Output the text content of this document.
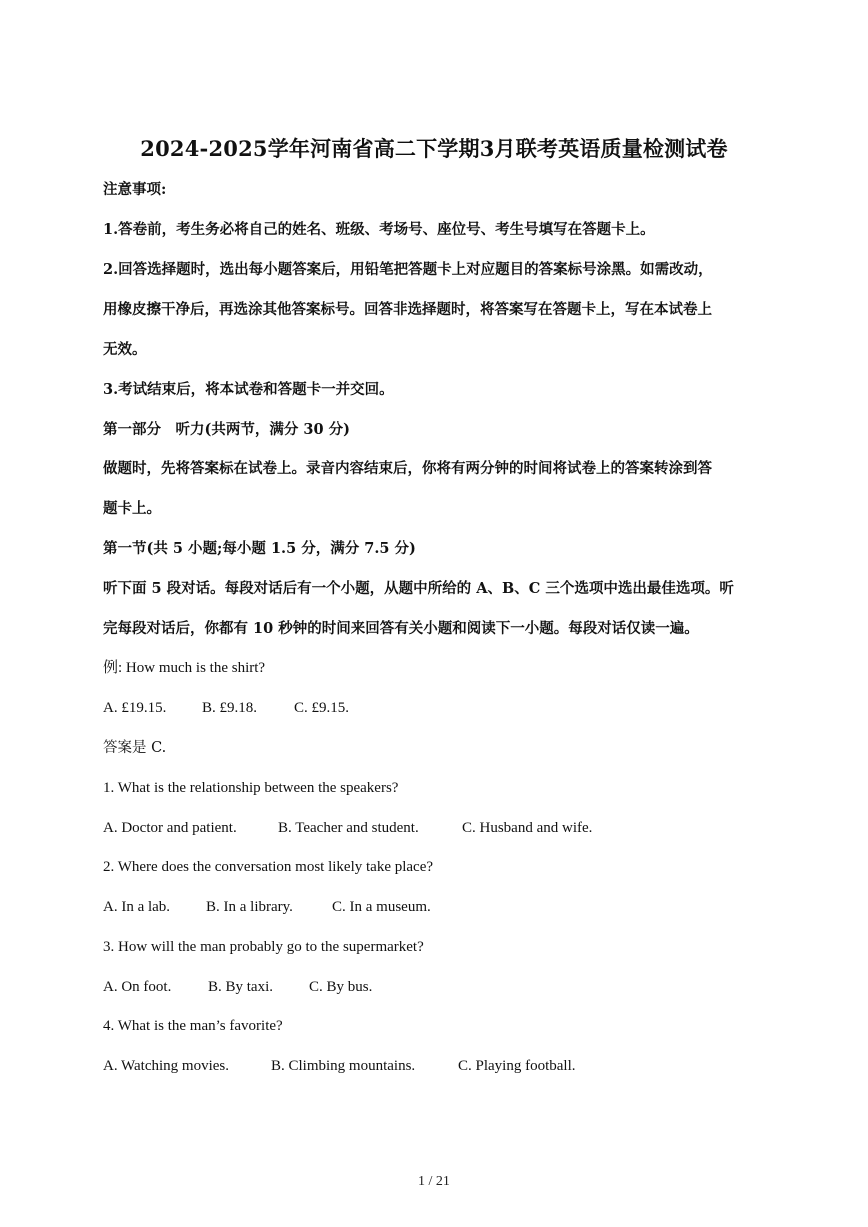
2024-2025学年河南省高二下学期3月联考英语质量检测试卷
注意事项:
1.答卷前，考生务必将自己的姓名、班级、考场号、座位号、考生号填写在答题卡上。
2.回答选择题时，选出每小题答案后，用铅笔把答题卡上对应题目的答案标号涂黑。如需改动，
用橡皮擦干净后，再选涂其他答案标号。回答非选择题时，将答案写在答题卡上，写在本试卷上
无效。
3.考试结束后，将本试卷和答题卡一并交回。
第一部分　听力(共两节，满分 30 分)
做题时，先将答案标在试卷上。录音内容结束后，你将有两分钟的时间将试卷上的答案转涂到答
题卡上。
第一节(共 5 小题;每小题 1.5 分，满分 7.5 分)
听下面 5 段对话。每段对话后有一个小题，从题中所给的 A、B、C 三个选项中选出最佳选项。听
完每段对话后，你都有 10 秒钟的时间来回答有关小题和阅读下一小题。每段对话仅读一遍。
例: How much is the shirt?
A. £19.15. B. £9.18. C. £9.15.
答案是 C.
1. What is the relationship between the speakers?
A. Doctor and patient.	B. Teacher and student.	C. Husband and wife.
2. Where does the conversation most likely take place?
A. In a lab. B. In a library.	C. In a museum.
3. How will the man probably go to the supermarket?
A. On foot. B. By taxi. C. By bus.
4. What is the man’s favorite?
A. Watching movies.	B. Climbing mountains.	C. Playing football.
1 / 21
